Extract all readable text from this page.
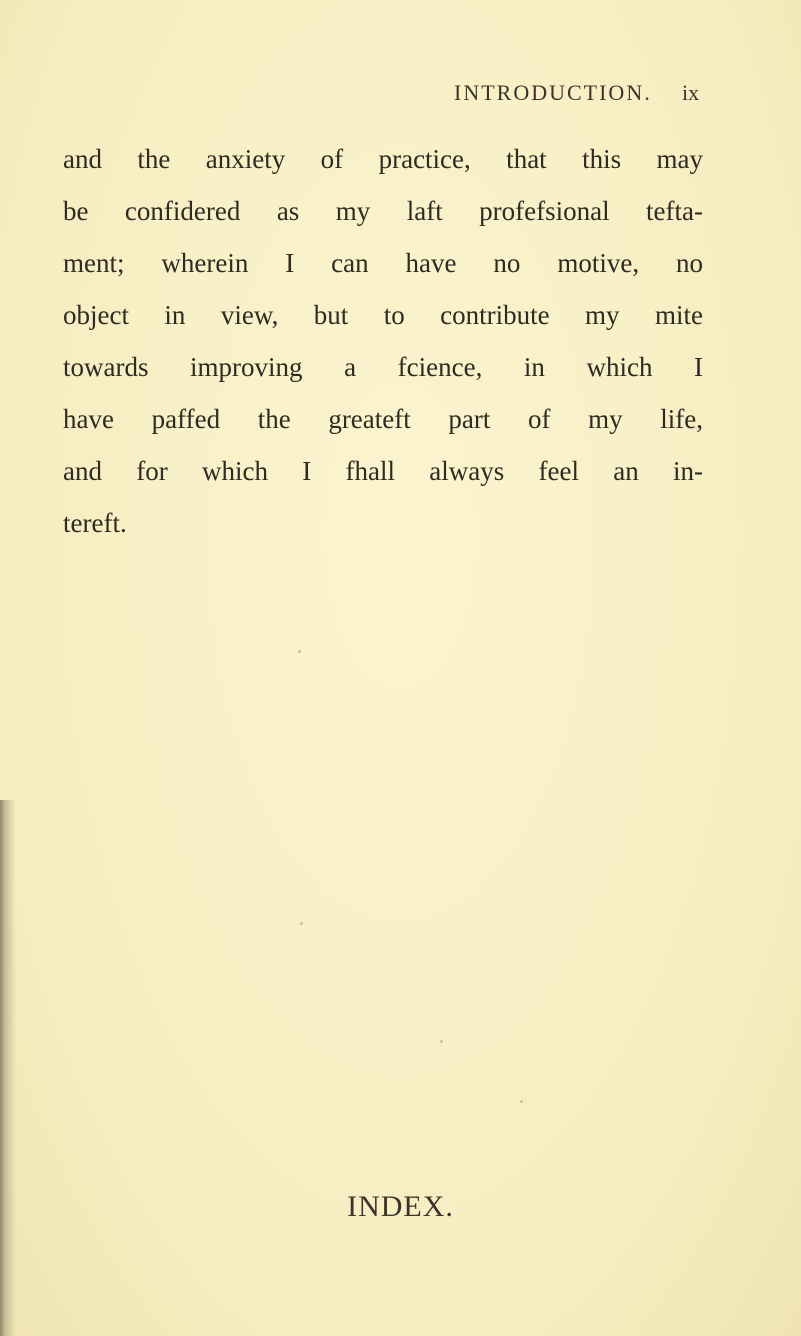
INTRODUCTION. ix
and the anxiety of practice, that this may
be confidered as my laft profefsional tefta-
ment; wherein I can have no motive, no
object in view, but to contribute my mite
towards improving a fcience, in which I
have paffed the greateft part of my life,
and for which I fhall always feel an in-
tereft.
INDEX.
